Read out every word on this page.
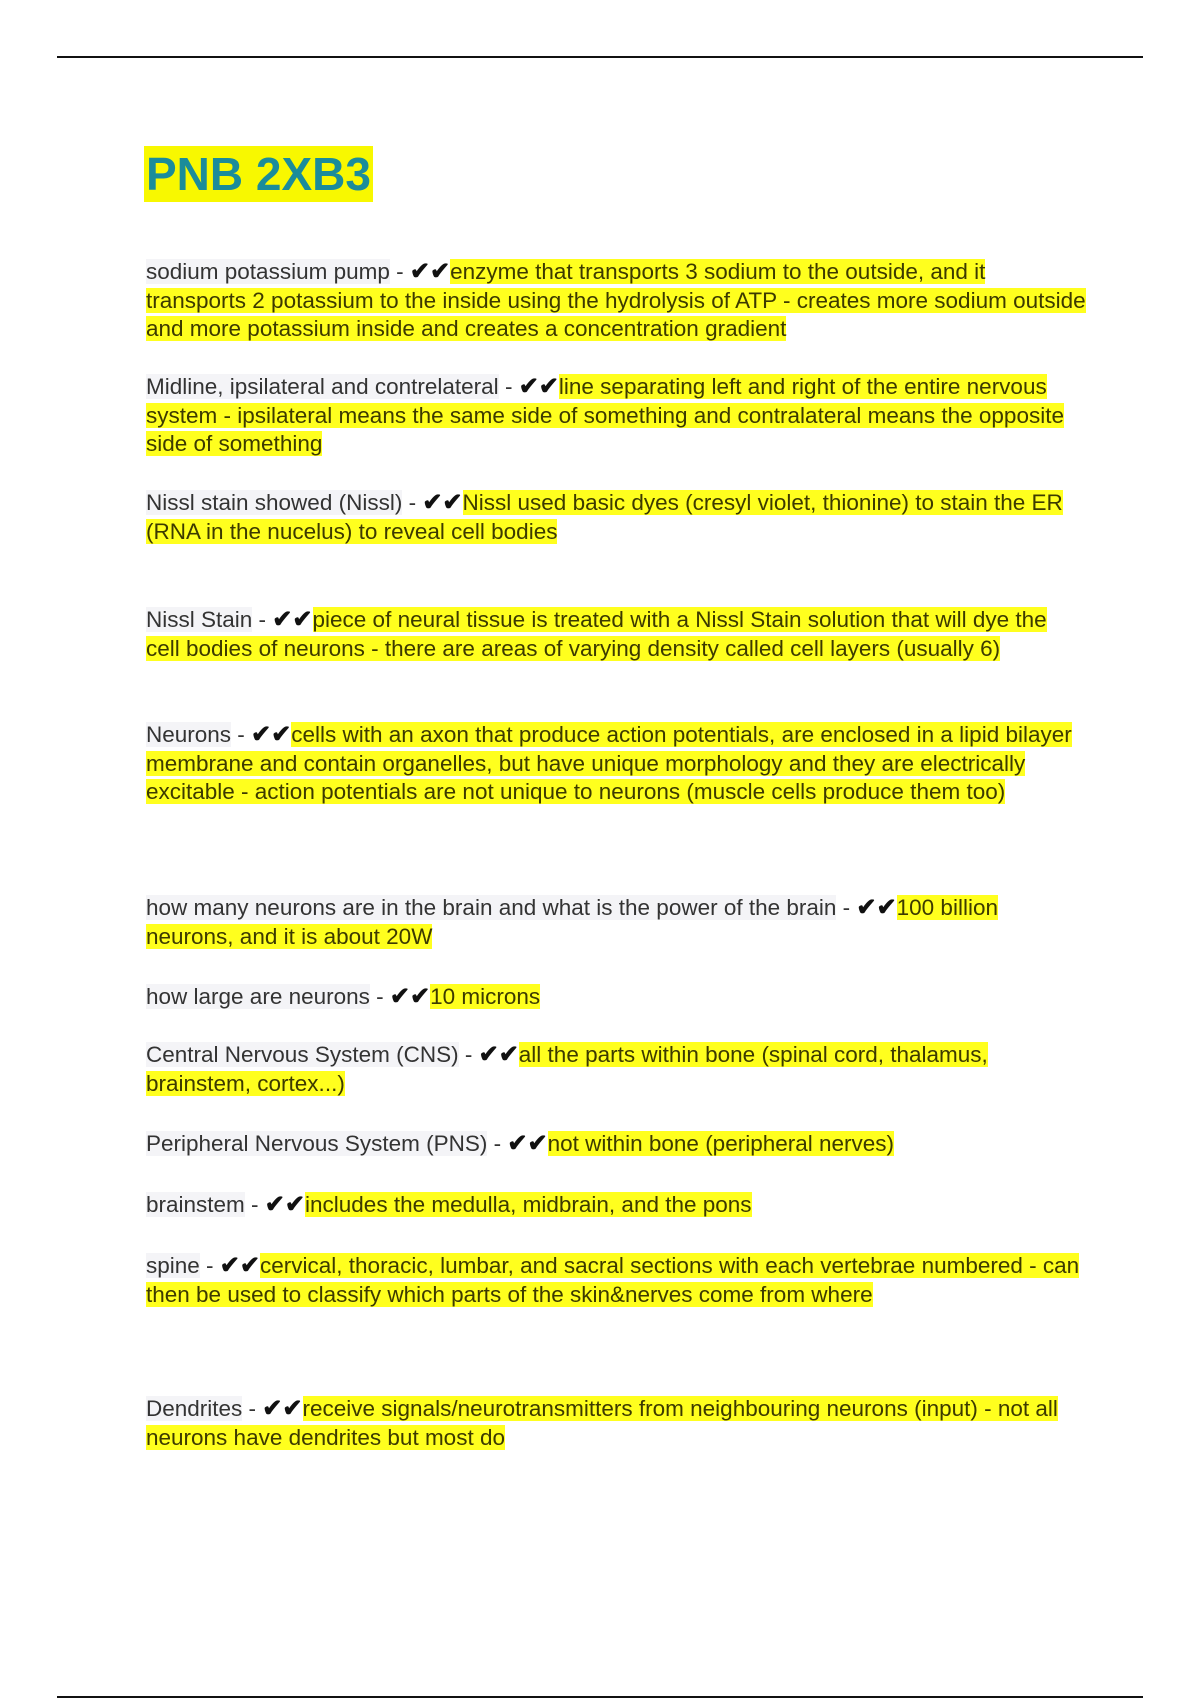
PNB 2XB3

sodium potassium pump - ✔✔enzyme that transports 3 sodium to the outside, and it transports 2 potassium to the inside using the hydrolysis of ATP - creates more sodium outside and more potassium inside and creates a concentration gradient

Midline, ipsilateral and contrelateral - ✔✔line separating left and right of the entire nervous system - ipsilateral means the same side of something and contralateral means the opposite side of something

Nissl stain showed (Nissl) - ✔✔Nissl used basic dyes (cresyl violet, thionine) to stain the ER (RNA in the nucelus) to reveal cell bodies

Nissl Stain - ✔✔piece of neural tissue is treated with a Nissl Stain solution that will dye the cell bodies of neurons - there are areas of varying density called cell layers (usually 6)

Neurons - ✔✔cells with an axon that produce action potentials, are enclosed in a lipid bilayer membrane and contain organelles, but have unique morphology and they are electrically excitable - action potentials are not unique to neurons (muscle cells produce them too)

how many neurons are in the brain and what is the power of the brain - ✔✔100 billion neurons, and it is about 20W

how large are neurons - ✔✔10 microns

Central Nervous System (CNS) - ✔✔all the parts within bone (spinal cord, thalamus, brainstem, cortex...)

Peripheral Nervous System (PNS) - ✔✔not within bone (peripheral nerves)

brainstem - ✔✔includes the medulla, midbrain, and the pons

spine - ✔✔cervical, thoracic, lumbar, and sacral sections with each vertebrae numbered - can then be used to classify which parts of the skin&nerves come from where

Dendrites - ✔✔receive signals/neurotransmitters from neighbouring neurons (input) - not all neurons have dendrites but most do
